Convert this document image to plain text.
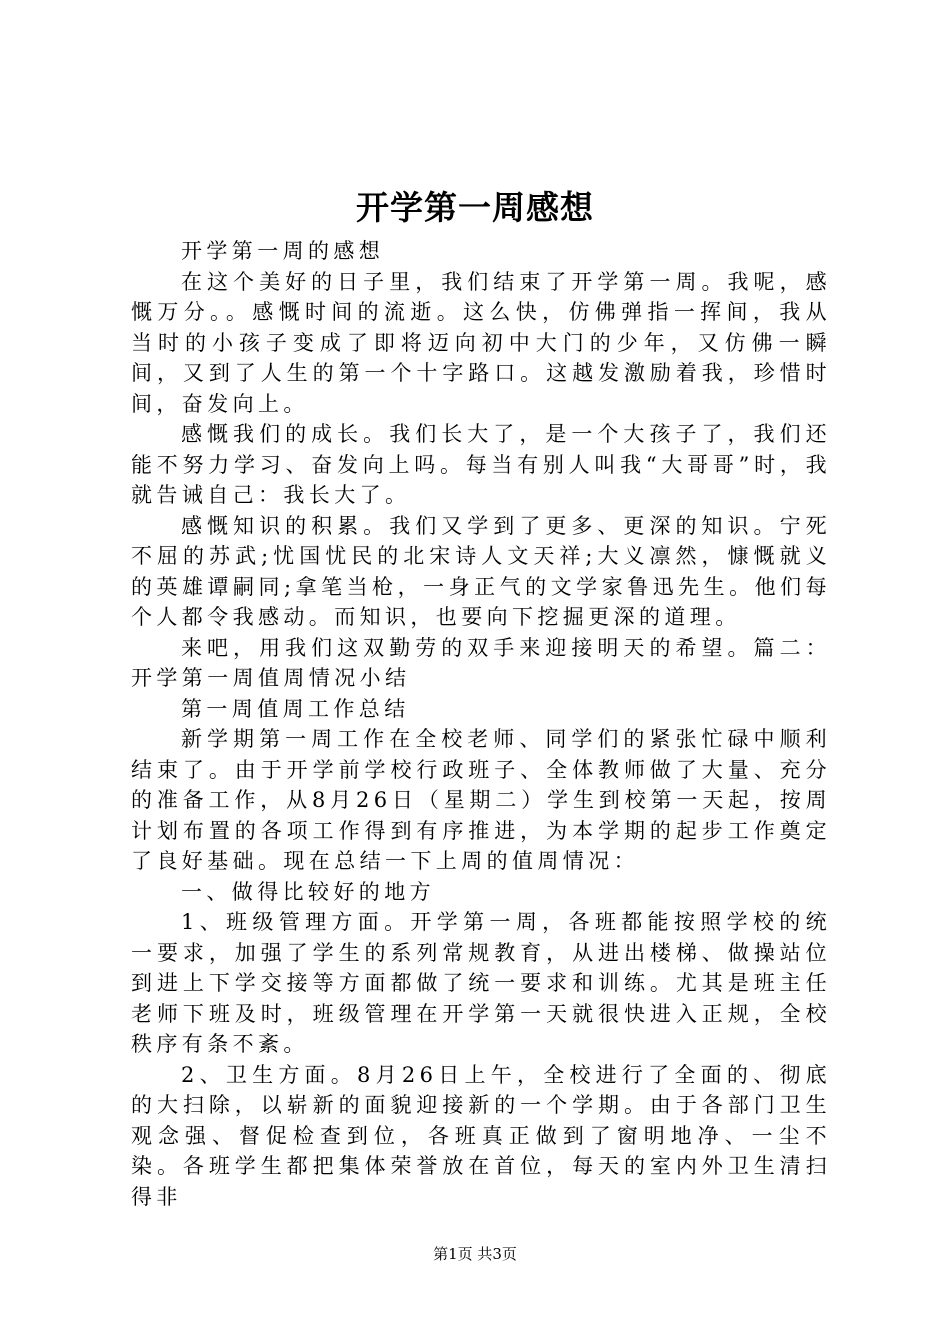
开学第一周感想

开学第一周的感想

在这个美好的日子里，我们结束了开学第一周。我呢，感慨万分。。感慨时间的流逝。这么快，仿佛弹指一挥间，我从当时的小孩子变成了即将迈向初中大门的少年，又仿佛一瞬间，又到了人生的第一个十字路口。这越发激励着我，珍惜时间，奋发向上。

感慨我们的成长。我们长大了，是一个大孩子了，我们还能不努力学习、奋发向上吗。每当有别人叫我“大哥哥”时，我就告诫自己：我长大了。

感慨知识的积累。我们又学到了更多、更深的知识。宁死不屈的苏武;忧国忧民的北宋诗人文天祥;大义凛然，慷慨就义的英雄谭嗣同;拿笔当枪，一身正气的文学家鲁迅先生。他们每个人都令我感动。而知识，也要向下挖掘更深的道理。

来吧，用我们这双勤劳的双手来迎接明天的希望。篇二：开学第一周值周情况小结

第一周值周工作总结

新学期第一周工作在全校老师、同学们的紧张忙碌中顺利结束了。由于开学前学校行政班子、全体教师做了大量、充分的准备工作，从8月26日（星期二）学生到校第一天起，按周计划布置的各项工作得到有序推进，为本学期的起步工作奠定了良好基础。现在总结一下上周的值周情况：

一、做得比较好的地方

1、班级管理方面。开学第一周，各班都能按照学校的统一要求，加强了学生的系列常规教育，从进出楼梯、做操站位到进上下学交接等方面都做了统一要求和训练。尤其是班主任老师下班及时，班级管理在开学第一天就很快进入正规，全校秩序有条不紊。

2、卫生方面。8月26日上午，全校进行了全面的、彻底的大扫除，以崭新的面貌迎接新的一个学期。由于各部门卫生观念强、督促检查到位，各班真正做到了窗明地净、一尘不染。各班学生都把集体荣誉放在首位，每天的室内外卫生清扫得非

第1页 共3页
